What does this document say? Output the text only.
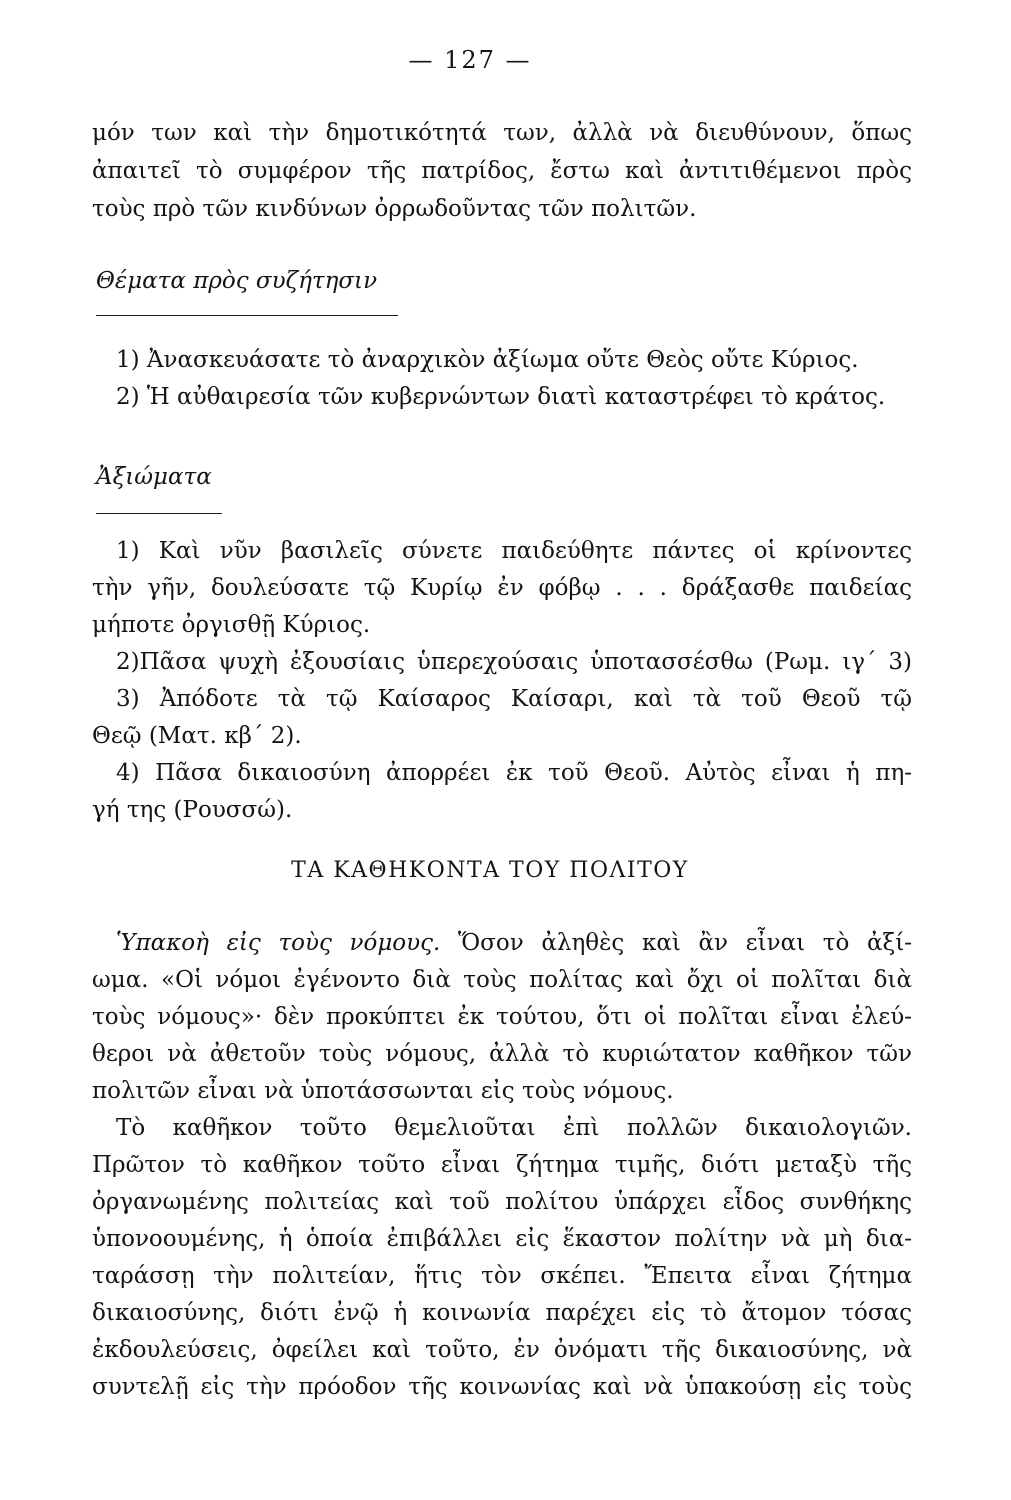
— 127 —
μόν των καὶ τὴν δημοτικότητά των, ἀλλὰ νὰ διευθύνουν, ὅπως
ἀπαιτεῖ τὸ συμφέρον τῆς πατρίδος, ἔστω καὶ ἀντιτιθέμενοι πρὸς
τοὺς πρὸ τῶν κινδύνων ὀρρωδοῦντας τῶν πολιτῶν.
Θέματα πρὸς συζήτησιν
1) Ἀνασκευάσατε τὸ ἀναρχικὸν ἀξίωμα οὔτε Θεὸς οὔτε Κύριος.
2) Ἡ αὐθαιρεσία τῶν κυβερνώντων διατὶ καταστρέφει τὸ κράτος.
Ἀξιώματα
1) Καὶ νῦν βασιλεῖς σύνετε παιδεύθητε πάντες οἱ κρίνοντες
τὴν γῆν, δουλεύσατε τῷ Κυρίῳ ἐν φόβῳ . . . δράξασθε παιδείας
μήποτε ὀργισθῇ Κύριος.
2)Πᾶσα ψυχὴ ἐξουσίαις ὑπερεχούσαις ὑποτασσέσθω (Ρωμ. ιγ´ 3)
3) Ἀπόδοτε τὰ τῷ Καίσαρος Καίσαρι, καὶ τὰ τοῦ Θεοῦ τῷ
Θεῷ (Ματ. κβ´ 2).
4) Πᾶσα δικαιοσύνη ἀπορρέει ἐκ τοῦ Θεοῦ. Αὐτὸς εἶναι ἡ πη-
γή της (Ρουσσώ).
ΤΑ ΚΑΘΗΚΟΝΤΑ ΤΟΥ ΠΟΛΙΤΟΥ
Ὑπακοὴ εἰς τοὺς νόμους. Ὅσον ἀληθὲς καὶ ἂν εἶναι τὸ ἀξί-
ωμα. «Οἱ νόμοι ἐγένοντο διὰ τοὺς πολίτας καὶ ὄχι οἱ πολῖται διὰ
τοὺς νόμους»· δὲν προκύπτει ἐκ τούτου, ὅτι οἱ πολῖται εἶναι ἐλεύ-
θεροι νὰ ἀθετοῦν τοὺς νόμους, ἀλλὰ τὸ κυριώτατον καθῆκον τῶν
πολιτῶν εἶναι νὰ ὑποτάσσωνται εἰς τοὺς νόμους.
Τὸ καθῆκον τοῦτο θεμελιοῦται ἐπὶ πολλῶν δικαιολογιῶν.
Πρῶτον τὸ καθῆκον τοῦτο εἶναι ζήτημα τιμῆς, διότι μεταξὺ τῆς
ὀργανωμένης πολιτείας καὶ τοῦ πολίτου ὑπάρχει εἶδος συνθήκης
ὑπονοουμένης, ἡ ὁποία ἐπιβάλλει εἰς ἕκαστον πολίτην νὰ μὴ δια-
ταράσσῃ τὴν πολιτείαν, ἥτις τὸν σκέπει. Ἔπειτα εἶναι ζήτημα
δικαιοσύνης, διότι ἐνῷ ἡ κοινωνία παρέχει εἰς τὸ ἄτομον τόσας
ἐκδουλεύσεις, ὀφείλει καὶ τοῦτο, ἐν ὀνόματι τῆς δικαιοσύνης, νὰ
συντελῇ εἰς τὴν πρόοδον τῆς κοινωνίας καὶ νὰ ὑπακούσῃ εἰς τοὺς
